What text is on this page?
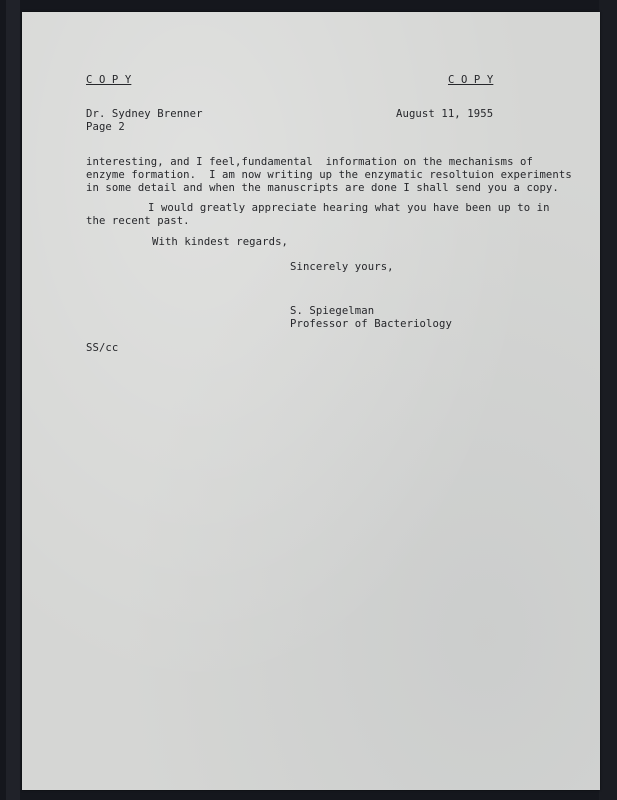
C O P Y	C O P Y
Dr. Sydney Brenner
Page 2
August 11, 1955
interesting, and I feel,fundamental  information on the mechanisms of
enzyme formation.  I am now writing up the enzymatic resoltuion experiments
in some detail and when the manuscripts are done I shall send you a copy.
I would greatly appreciate hearing what you have been up to in
the recent past.
With kindest regards,
Sincerely yours,
S. Spiegelman
Professor of Bacteriology
SS/cc
